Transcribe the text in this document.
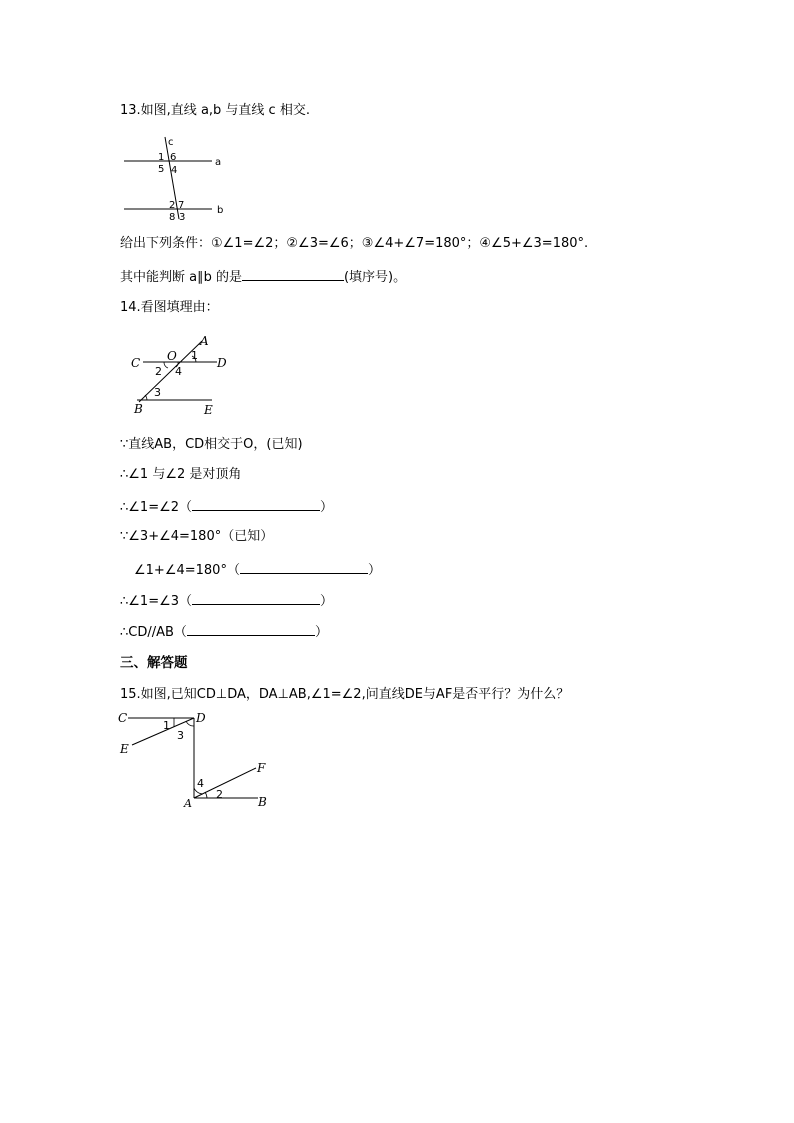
13.如图,直线 a,b 与直线 c 相交.
c
a
b
1 6
5 4
2 7
8 3
给出下列条件：①∠1=∠2；②∠3=∠6；③∠4+∠7=180°；④∠5+∠3=180°.
其中能判断 a∥b 的是	(填序号)。
14.看图填理由：
A
C O 1
D
2 4
3
B	E
∵直线AB，CD相交于O，(已知)
∴∠1 与∠2 是对顶角
∴∠1=∠2（	）
∵∠3+∠4=180°（已知）
∠1+∠4=180°（	）
∴∠1=∠3（	）
∴CD//AB（	）
三、解答题
15.如图,已知CD⊥DA，DA⊥AB,∠1=∠2,问直线DE与AF是否平行？为什么？
C	D
1
3
E
F
4
A
2
B
